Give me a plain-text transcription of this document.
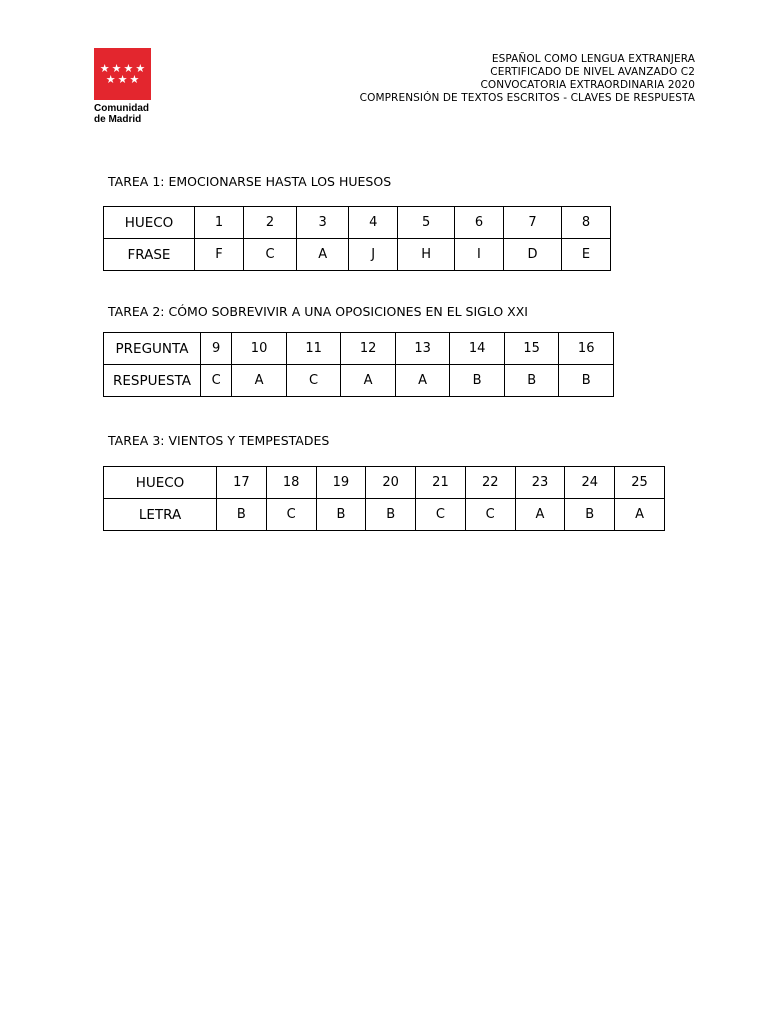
★ ★ ★ ★
★ ★ ★
Comunidad
de Madrid
ESPAÑOL COMO LENGUA EXTRANJERA
CERTIFICADO DE NIVEL AVANZADO C2
CONVOCATORIA EXTRAORDINARIA 2020
COMPRENSIÓN DE TEXTOS ESCRITOS - CLAVES DE RESPUESTA
TAREA 1: EMOCIONARSE HASTA LOS HUESOS
HUECO	1	2	3	4	5	6	7	8
FRASE	F	C	A	J	H	I	D	E
TAREA 2: CÓMO SOBREVIVIR A UNA OPOSICIONES EN EL SIGLO XXI
PREGUNTA	9	10	11	12	13	14	15	16
RESPUESTA	C	A	C	A	A	B	B	B
TAREA 3: VIENTOS Y TEMPESTADES
HUECO	17	18	19	20	21	22	23	24	25
LETRA	B	C	B	B	C	C	A	B	A
